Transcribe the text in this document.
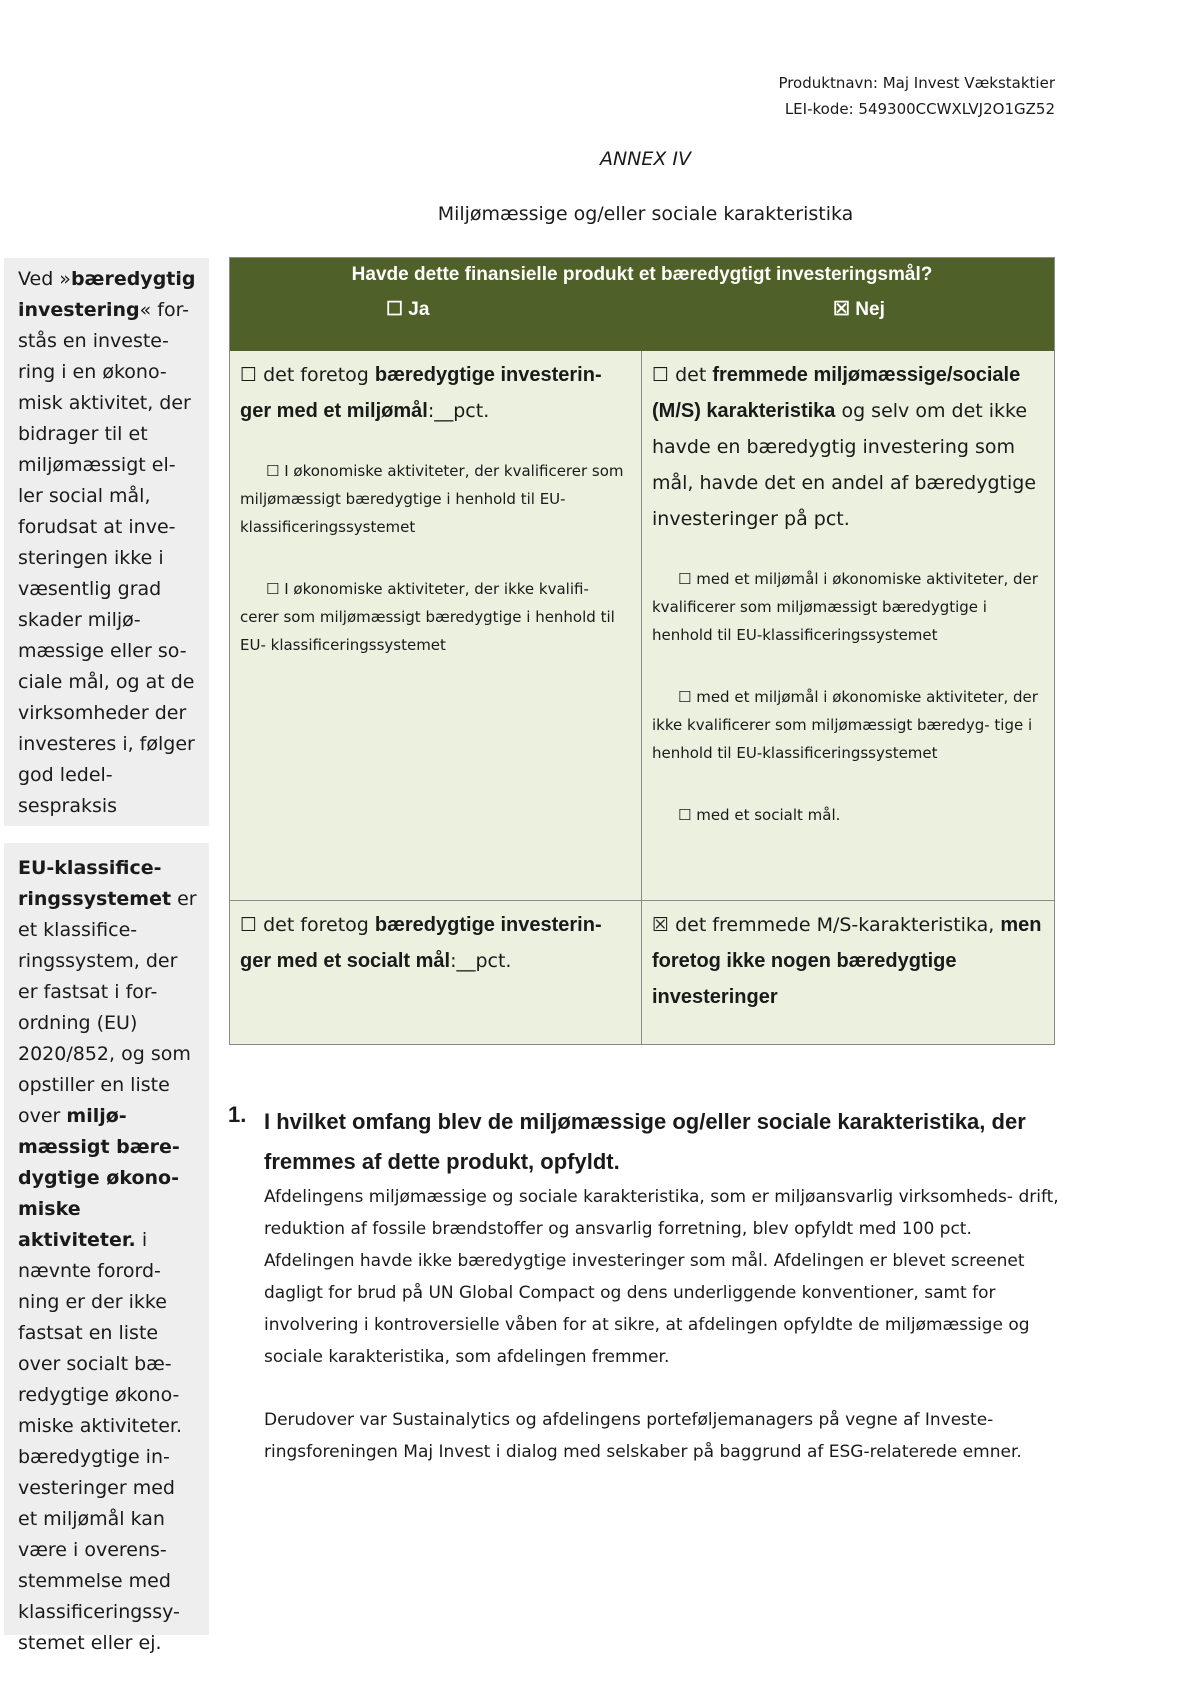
Produktnavn: Maj Invest Vækstaktier
LEI-kode: 549300CCWXLVJ2O1GZ52
ANNEX IV
Miljømæssige og/eller sociale karakteristika
Ved »bæredygtig investering« for- stås en investe- ring i en økono- misk aktivitet, der bidrager til et miljømæssigt el- ler social mål, forudsat at inve- steringen ikke i væsentlig grad skader miljø- mæssige eller so- ciale mål, og at de virksomheder der investeres i, følger god ledel- sespraksis
EU-klassifice- ringssystemet er et klassifice- ringssystem, der er fastsat i for- ordning (EU) 2020/852, og som opstiller en liste over miljø- mæssigt bære- dygtige økono- miske aktiviteter. i nævnte forord- ning er der ikke fastsat en liste over socialt bæ- redygtige økono- miske aktiviteter. bæredygtige in- vesteringer med et miljømål kan være i overens- stemmelse med klassificeringssy- stemet eller ej.
Havde dette finansielle produkt et bæredygtigt investeringsmål?
☐ Ja	☒ Nej
☐ det foretog bæredygtige investerin- ger med et miljømål:__pct.
☐ I økonomiske aktiviteter, der kvalificerer som miljømæssigt bæredygtige i henhold til EU- klassificeringssystemet
☐ I økonomiske aktiviteter, der ikke kvalifi- cerer som miljømæssigt bæredygtige i henhold til EU- klassificeringssystemet
☐ det fremmede miljømæssige/sociale (M/S) karakteristika og selv om det ikke havde en bæredygtig investering som mål, havde det en andel af bæredygtige investeringer på pct.
☐ med et miljømål i økonomiske aktiviteter, der kvalificerer som miljømæssigt bæredygtige i henhold til EU-klassificeringssystemet
☐ med et miljømål i økonomiske aktiviteter, der ikke kvalificerer som miljømæssigt bæredyg- tige i henhold til EU-klassificeringssystemet
☐ med et socialt mål.
☐ det foretog bæredygtige investerin- ger med et socialt mål:__pct.
☒ det fremmede M/S-karakteristika, men foretog ikke nogen bæredygtige investeringer
1. I hvilket omfang blev de miljømæssige og/eller sociale karakteristika, der fremmes af dette produkt, opfyldt.
Afdelingens miljømæssige og sociale karakteristika, som er miljøansvarlig virksomheds- drift, reduktion af fossile brændstoffer og ansvarlig forretning, blev opfyldt med 100 pct. Afdelingen havde ikke bæredygtige investeringer som mål. Afdelingen er blevet screenet dagligt for brud på UN Global Compact og dens underliggende konventioner, samt for involvering i kontroversielle våben for at sikre, at afdelingen opfyldte de miljømæssige og sociale karakteristika, som afdelingen fremmer.
Derudover var Sustainalytics og afdelingens porteføljemanagers på vegne af Investe- ringsforeningen Maj Invest i dialog med selskaber på baggrund af ESG-relaterede emner.
